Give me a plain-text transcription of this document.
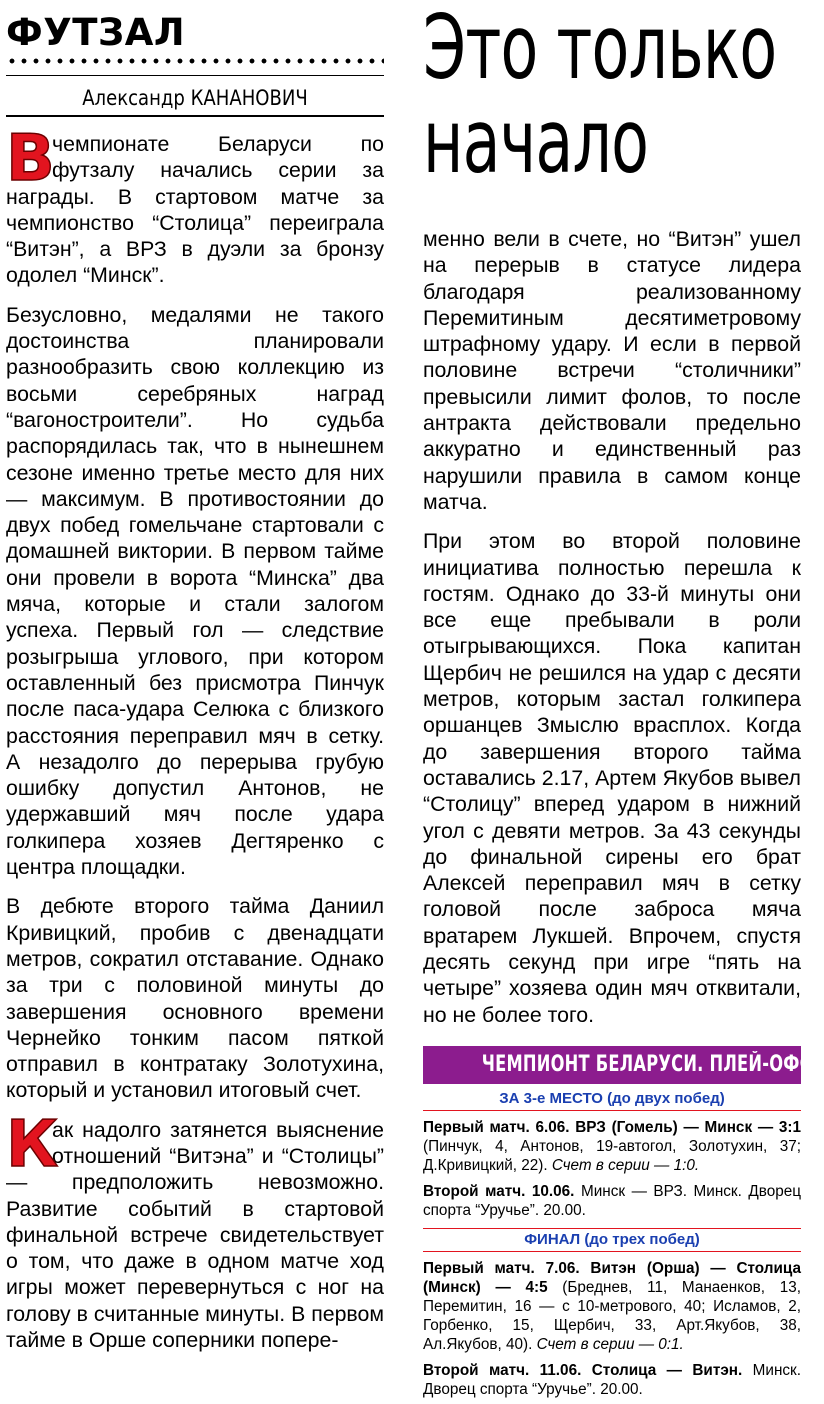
ФУТЗАЛ
Александр КАНАНОВИЧ

В
чемпионате Беларуси по футзалу начались серии за награды. В стартовом матче за чемпионство “Столица” переиграла “Витэн”, а ВРЗ в дуэли за бронзу одолел “Минск”.

Безусловно, медалями не такого достоинства планировали разнообразить свою коллекцию из восьми серебряных наград “вагоностроители”. Но судьба распорядилась так, что в нынешнем сезоне именно третье место для них — максимум. В противостоянии до двух побед гомельчане стартовали с домашней виктории. В первом тайме они провели в ворота “Минска” два мяча, которые и стали залогом успеха. Первый гол — следствие розыгрыша углового, при котором оставленный без присмотра Пинчук после паса-удара Селюка с близкого расстояния переправил мяч в сетку. А незадолго до перерыва грубую ошибку допустил Антонов, не удержавший мяч после удара голкипера хозяев Дегтяренко с центра площадки.

В дебюте второго тайма Даниил Кривицкий, пробив с двенадцати метров, сократил отставание. Однако за три с половиной минуты до завершения основного времени Чернейко тонким пасом пяткой отправил в контратаку Золотухина, который и установил итоговый счет.

К
ак надолго затянется выяснение отношений “Витэна” и “Столицы” — предположить невозможно. Развитие событий в стартовой финальной встрече свидетельствует о том, что даже в одном матче ход игры может перевернуться с ног на голову в считанные минуты. В первом тайме в Орше соперники попере-

Это только
начало

менно вели в счете, но “Витэн” ушел на перерыв в статусе лидера благодаря реализованному Перемитиным десятиметровому штрафному удару. И если в первой половине встречи “столичники” превысили лимит фолов, то после антракта действовали предельно аккуратно и единственный раз нарушили правила в самом конце матча.

При этом во второй половине инициатива полностью перешла к гостям. Однако до 33-й минуты они все еще пребывали в роли отыгрывающихся. Пока капитан Щербич не решился на удар с десяти метров, которым застал голкипера оршанцев Змыслю врасплох. Когда до завершения второго тайма оставались 2.17, Артем Якубов вывел “Столицу” вперед ударом в нижний угол с девяти метров. За 43 секунды до финальной сирены его брат Алексей переправил мяч в сетку головой после заброса мяча вратарем Лукшей. Впрочем, спустя десять секунд при игре “пять на четыре” хозяева один мяч отквитали, но не более того.

ЧЕМПИОНТ БЕЛАРУСИ. ПЛЕЙ-ОФФ
ЗА 3-е МЕСТО (до двух побед)

Первый матч. 6.06. ВРЗ (Гомель) — Минск — 3:1 (Пинчук, 4, Антонов, 19-автогол, Золотухин, 37; Д.Кривицкий, 22). Счет в серии — 1:0.

Второй матч. 10.06. Минск — ВРЗ. Минск. Дворец спорта “Уручье”. 20.00.

ФИНАЛ (до трех побед)

Первый матч. 7.06. Витэн (Орша) — Столица (Минск) — 4:5 (Бреднев, 11, Манаенков, 13, Перемитин, 16 — с 10-метрового, 40; Исламов, 2, Горбенко, 15, Щербич, 33, Арт.Якубов, 38, Ал.Якубов, 40). Счет в серии — 0:1.

Второй матч. 11.06. Столица — Витэн. Минск. Дворец спорта “Уручье”. 20.00.
